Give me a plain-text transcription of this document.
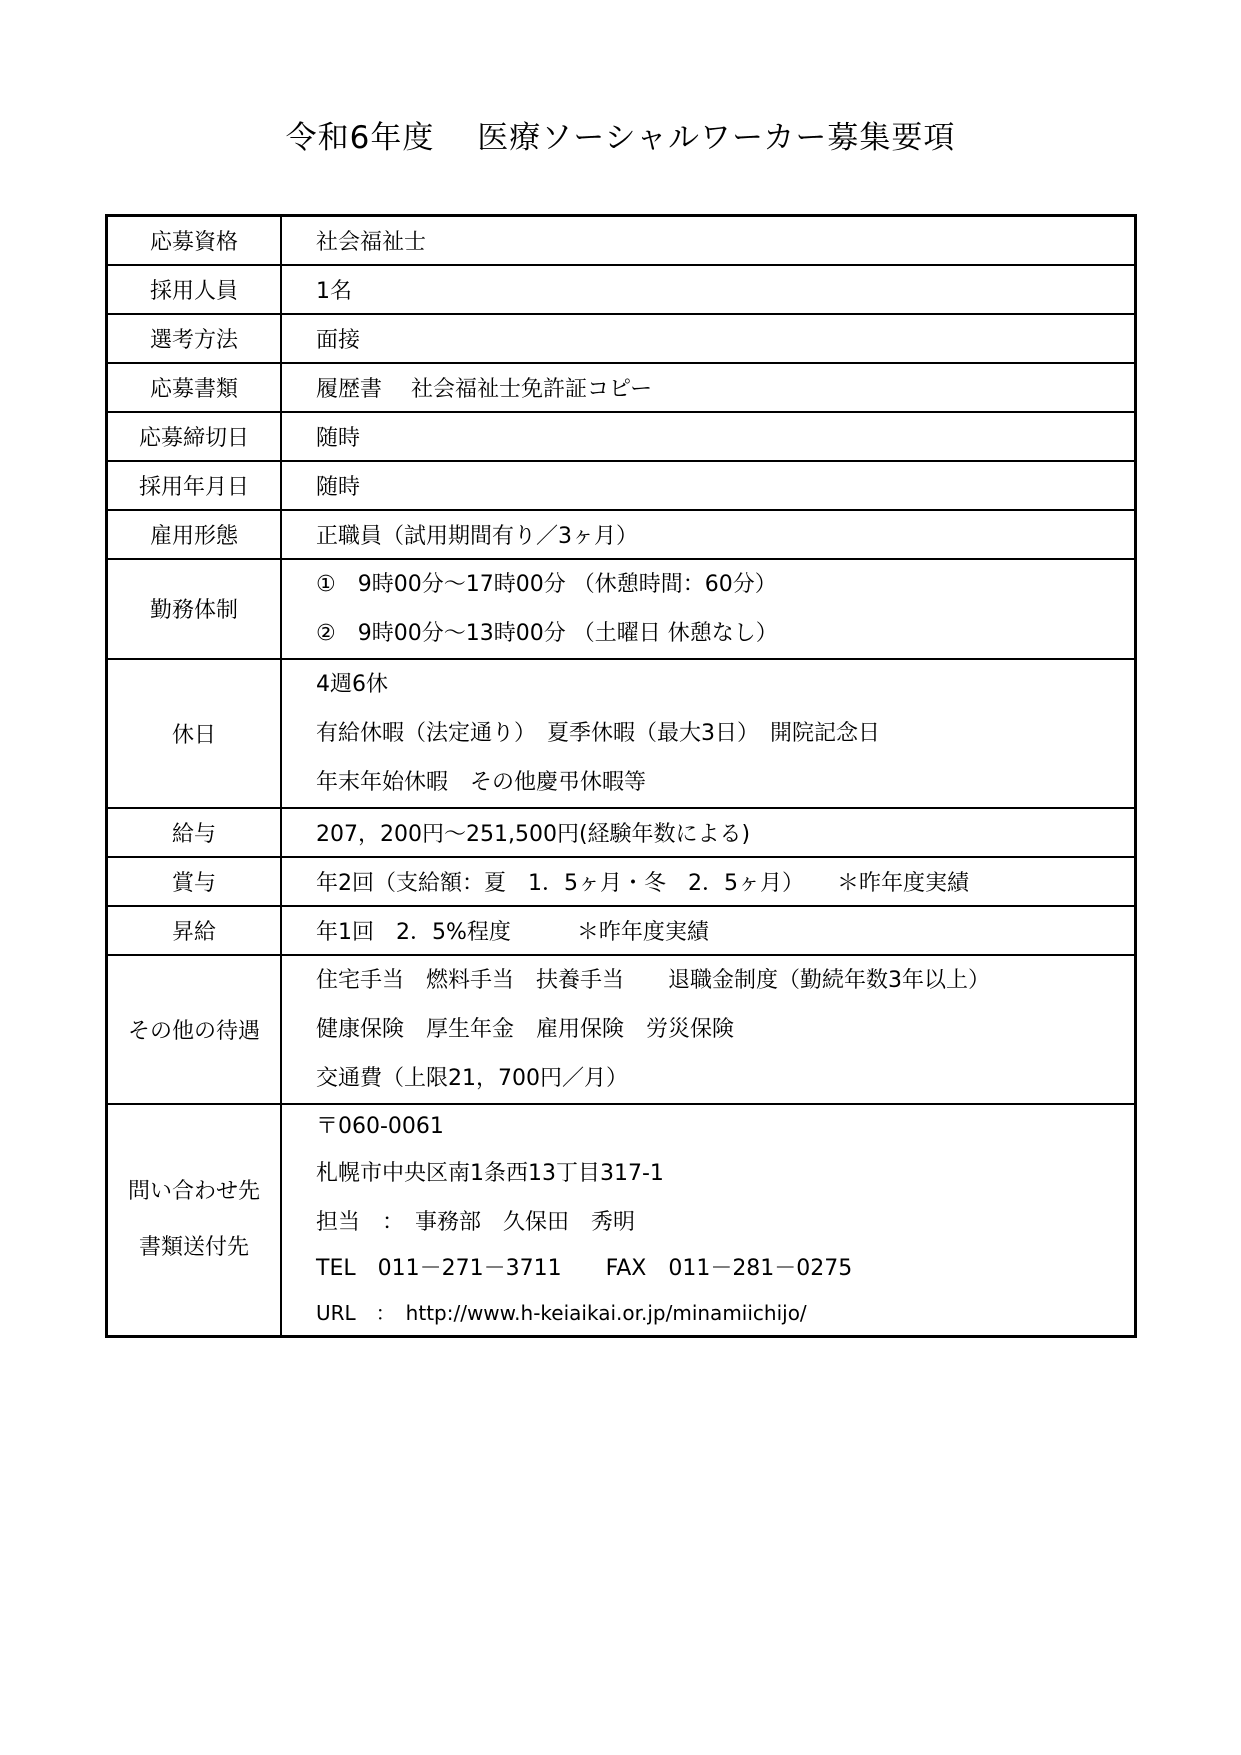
令和6年度　 医療ソーシャルワーカー募集要項
応募資格	社会福祉士
採用人員	1名
選考方法	面接
応募書類	履歴書　 社会福祉士免許証コピー
応募締切日	随時
採用年月日	随時
雇用形態	正職員（試用期間有り／3ヶ月）
勤務体制	①　9時00分～17時00分 （休憩時間：60分）
②　9時00分～13時00分 （土曜日 休憩なし）

休日	4週6休
有給休暇（法定通り）　夏季休暇（最大3日）　開院記念日
年末年始休暇　その他慶弔休暇等

給与	207，200円～251,500円(経験年数による)
賞与	年2回（支給額：夏　1．5ヶ月・冬　2．5ヶ月）　　＊昨年度実績
昇給	年1回　2．5%程度　　　＊昨年度実績
その他の待遇	住宅手当　燃料手当　扶養手当　　退職金制度（勤続年数3年以上）
健康保険　厚生年金　雇用保険　労災保険
交通費（上限21，700円／月）

問い合わせ先
書類送付先	〒060-0061
札幌市中央区南1条西13丁目317-1
担当　：　事務部　久保田　秀明
TEL　011－271－3711　　FAX　011－281－0275
URL　：　http://www.h-keiaikai.or.jp/minamiichijo/
